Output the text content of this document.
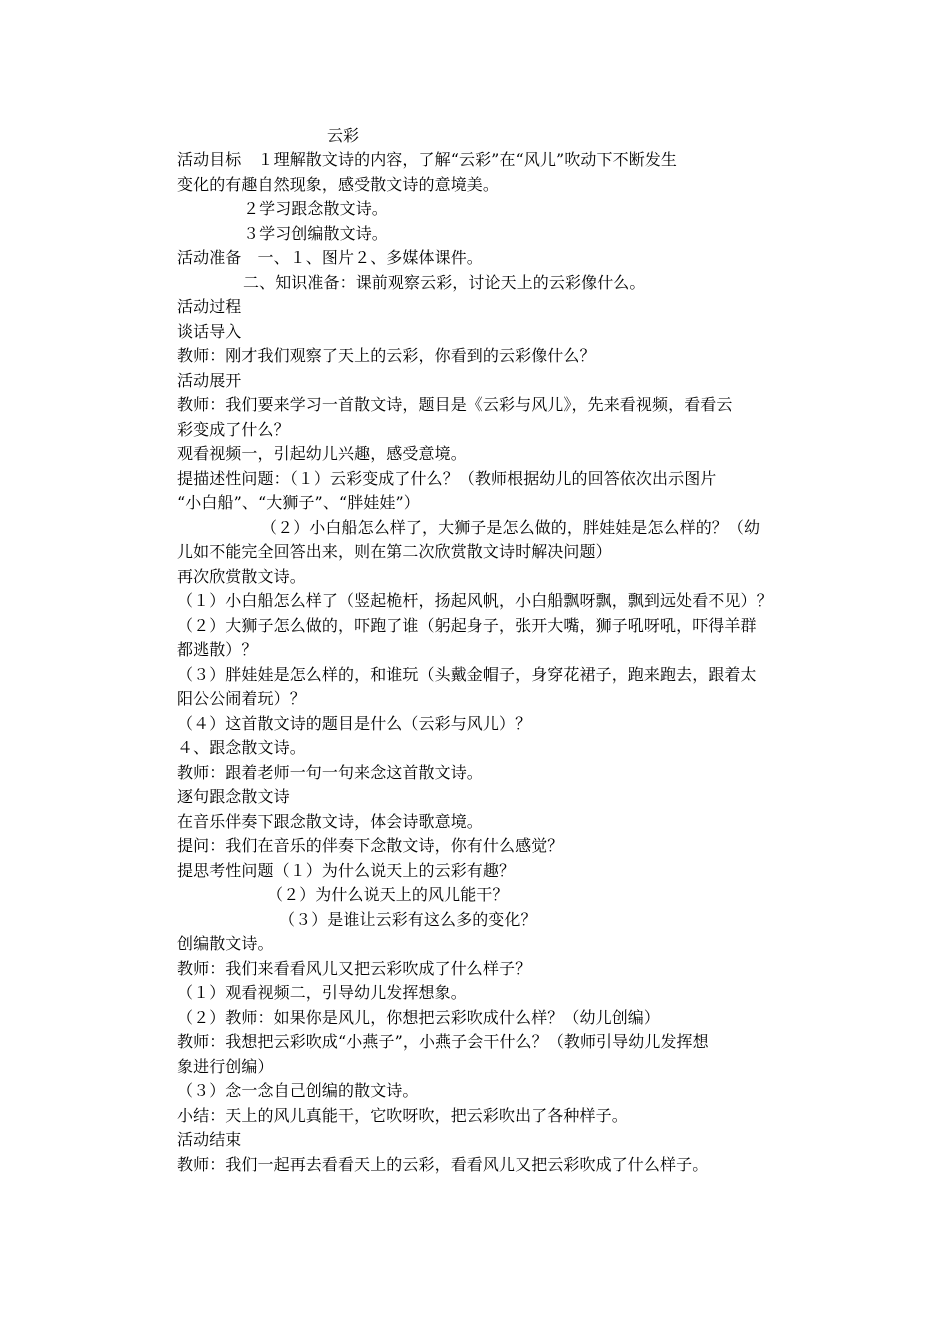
云彩
活动目标　１理解散文诗的内容，了解“云彩”在“风儿”吹动下不断发生
变化的有趣自然现象，感受散文诗的意境美。
２学习跟念散文诗。
３学习创编散文诗。
活动准备　一、１、图片２、多媒体课件。
二、知识准备：课前观察云彩，讨论天上的云彩像什么。
活动过程
谈话导入
教师：刚才我们观察了天上的云彩，你看到的云彩像什么？
活动展开
教师：我们要来学习一首散文诗，题目是《云彩与风儿》，先来看视频，看看云
彩变成了什么？
观看视频一，引起幼儿兴趣，感受意境。
提描述性问题：（１）云彩变成了什么？（教师根据幼儿的回答依次出示图片
“小白船”、“大狮子”、“胖娃娃”）
（２）小白船怎么样了，大狮子是怎么做的，胖娃娃是怎么样的？（幼
儿如不能完全回答出来，则在第二次欣赏散文诗时解决问题）
再次欣赏散文诗。
（１）小白船怎么样了（竖起桅杆，扬起风帆，小白船飘呀飘，飘到远处看不见）？
（２）大狮子怎么做的，吓跑了谁（躬起身子，张开大嘴，狮子吼呀吼，吓得羊群
都逃散）？
（３）胖娃娃是怎么样的，和谁玩（头戴金帽子，身穿花裙子，跑来跑去，跟着太
阳公公闹着玩）？
（４）这首散文诗的题目是什么（云彩与风儿）？
４、跟念散文诗。
教师：跟着老师一句一句来念这首散文诗。
逐句跟念散文诗
在音乐伴奏下跟念散文诗，体会诗歌意境。
提问：我们在音乐的伴奏下念散文诗，你有什么感觉？
提思考性问题（１）为什么说天上的云彩有趣？
（２）为什么说天上的风儿能干？
（３）是谁让云彩有这么多的变化？
创编散文诗。
教师：我们来看看风儿又把云彩吹成了什么样子？
（１）观看视频二，引导幼儿发挥想象。
（２）教师：如果你是风儿，你想把云彩吹成什么样？（幼儿创编）
教师：我想把云彩吹成“小燕子”，小燕子会干什么？（教师引导幼儿发挥想
象进行创编）
（３）念一念自己创编的散文诗。
小结：天上的风儿真能干，它吹呀吹，把云彩吹出了各种样子。
活动结束
教师：我们一起再去看看天上的云彩，看看风儿又把云彩吹成了什么样子。
